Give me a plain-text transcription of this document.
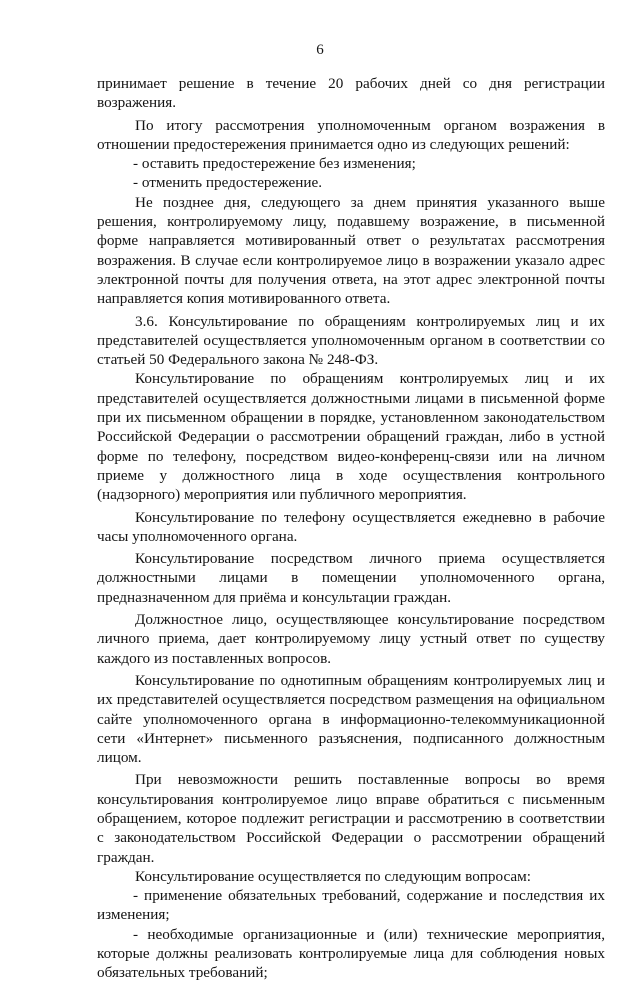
6

принимает решение в течение 20 рабочих дней со дня регистрации возражения.

По итогу рассмотрения уполномоченным органом возражения в отношении предостережения принимается одно из следующих решений:

- оставить предостережение без изменения;

- отменить предостережение.

Не позднее дня, следующего за днем принятия указанного выше решения, контролируемому лицу, подавшему возражение, в письменной форме направляется мотивированный ответ о результатах рассмотрения возражения. В случае если контролируемое лицо в возражении указало адрес электронной почты для получения ответа, на этот адрес электронной почты направляется копия мотивированного ответа.

3.6. Консультирование по обращениям контролируемых лиц и их представителей осуществляется уполномоченным органом в соответствии со статьей 50 Федерального закона № 248-ФЗ.

Консультирование по обращениям контролируемых лиц и их представителей осуществляется должностными лицами в письменной форме при их письменном обращении в порядке, установленном законодательством Российской Федерации о рассмотрении обращений граждан, либо в устной форме по телефону, посредством видео-конференц-связи или на личном приеме у должностного лица в ходе осуществления контрольного (надзорного) мероприятия или публичного мероприятия.

Консультирование по телефону осуществляется ежедневно в рабочие часы уполномоченного органа.

Консультирование посредством личного приема осуществляется должностными лицами в помещении уполномоченного органа, предназначенном для приёма и консультации граждан.

Должностное лицо, осуществляющее консультирование посредством личного приема, дает контролируемому лицу устный ответ по существу каждого из поставленных вопросов.

Консультирование по однотипным обращениям контролируемых лиц и их представителей осуществляется посредством размещения на официальном сайте уполномоченного органа в информационно-телекоммуникационной сети «Интернет» письменного разъяснения, подписанного должностным лицом.

При невозможности решить поставленные вопросы во время консультирования контролируемое лицо вправе обратиться с письменным обращением, которое подлежит регистрации и рассмотрению в соответствии с законодательством Российской Федерации о рассмотрении обращений граждан.

Консультирование осуществляется по следующим вопросам:

- применение обязательных требований, содержание и последствия их изменения;

- необходимые организационные и (или) технические мероприятия, которые должны реализовать контролируемые лица для соблюдения новых обязательных требований;
